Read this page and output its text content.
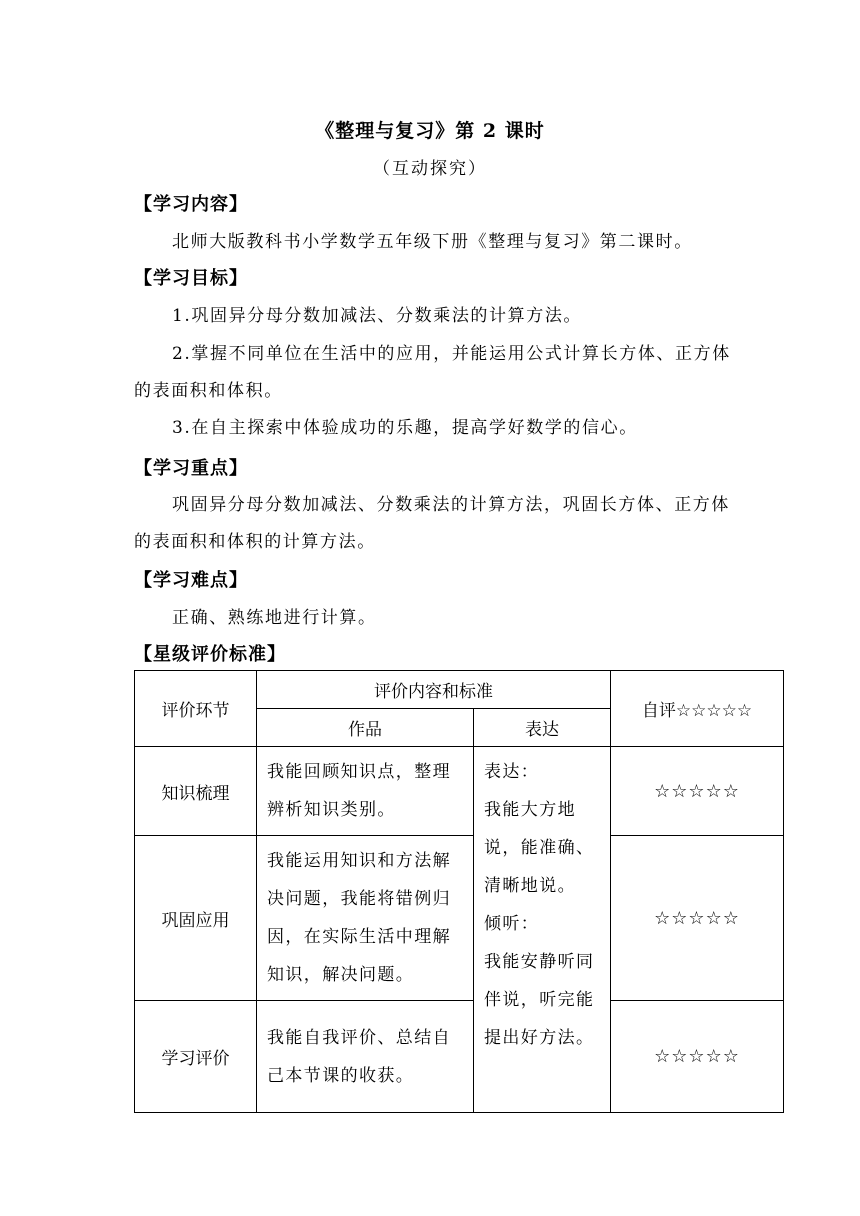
《整理与复习》第 2 课时
（互动探究）
【学习内容】
北师大版教科书小学数学五年级下册《整理与复习》第二课时。
【学习目标】
1.巩固异分母分数加减法、分数乘法的计算方法。
2.掌握不同单位在生活中的应用，并能运用公式计算长方体、正方体的表面积和体积。
3.在自主探索中体验成功的乐趣，提高学好数学的信心。
【学习重点】
巩固异分母分数加减法、分数乘法的计算方法，巩固长方体、正方体的表面积和体积的计算方法。
【学习难点】
正确、熟练地进行计算。
【星级评价标准】
评价环节	评价内容和标准		自评☆☆☆☆☆
	作品	表达	
知识梳理	我能回顾知识点，整理辨析知识类别。	表达：
我能大方地说，能准确、清晰地说。
倾听：
我能安静听同伴说，听完能提出好方法。	☆☆☆☆☆
巩固应用	我能运用知识和方法解决问题，我能将错例归因，在实际生活中理解知识，解决问题。		☆☆☆☆☆
学习评价	我能自我评价、总结自己本节课的收获。		☆☆☆☆☆
